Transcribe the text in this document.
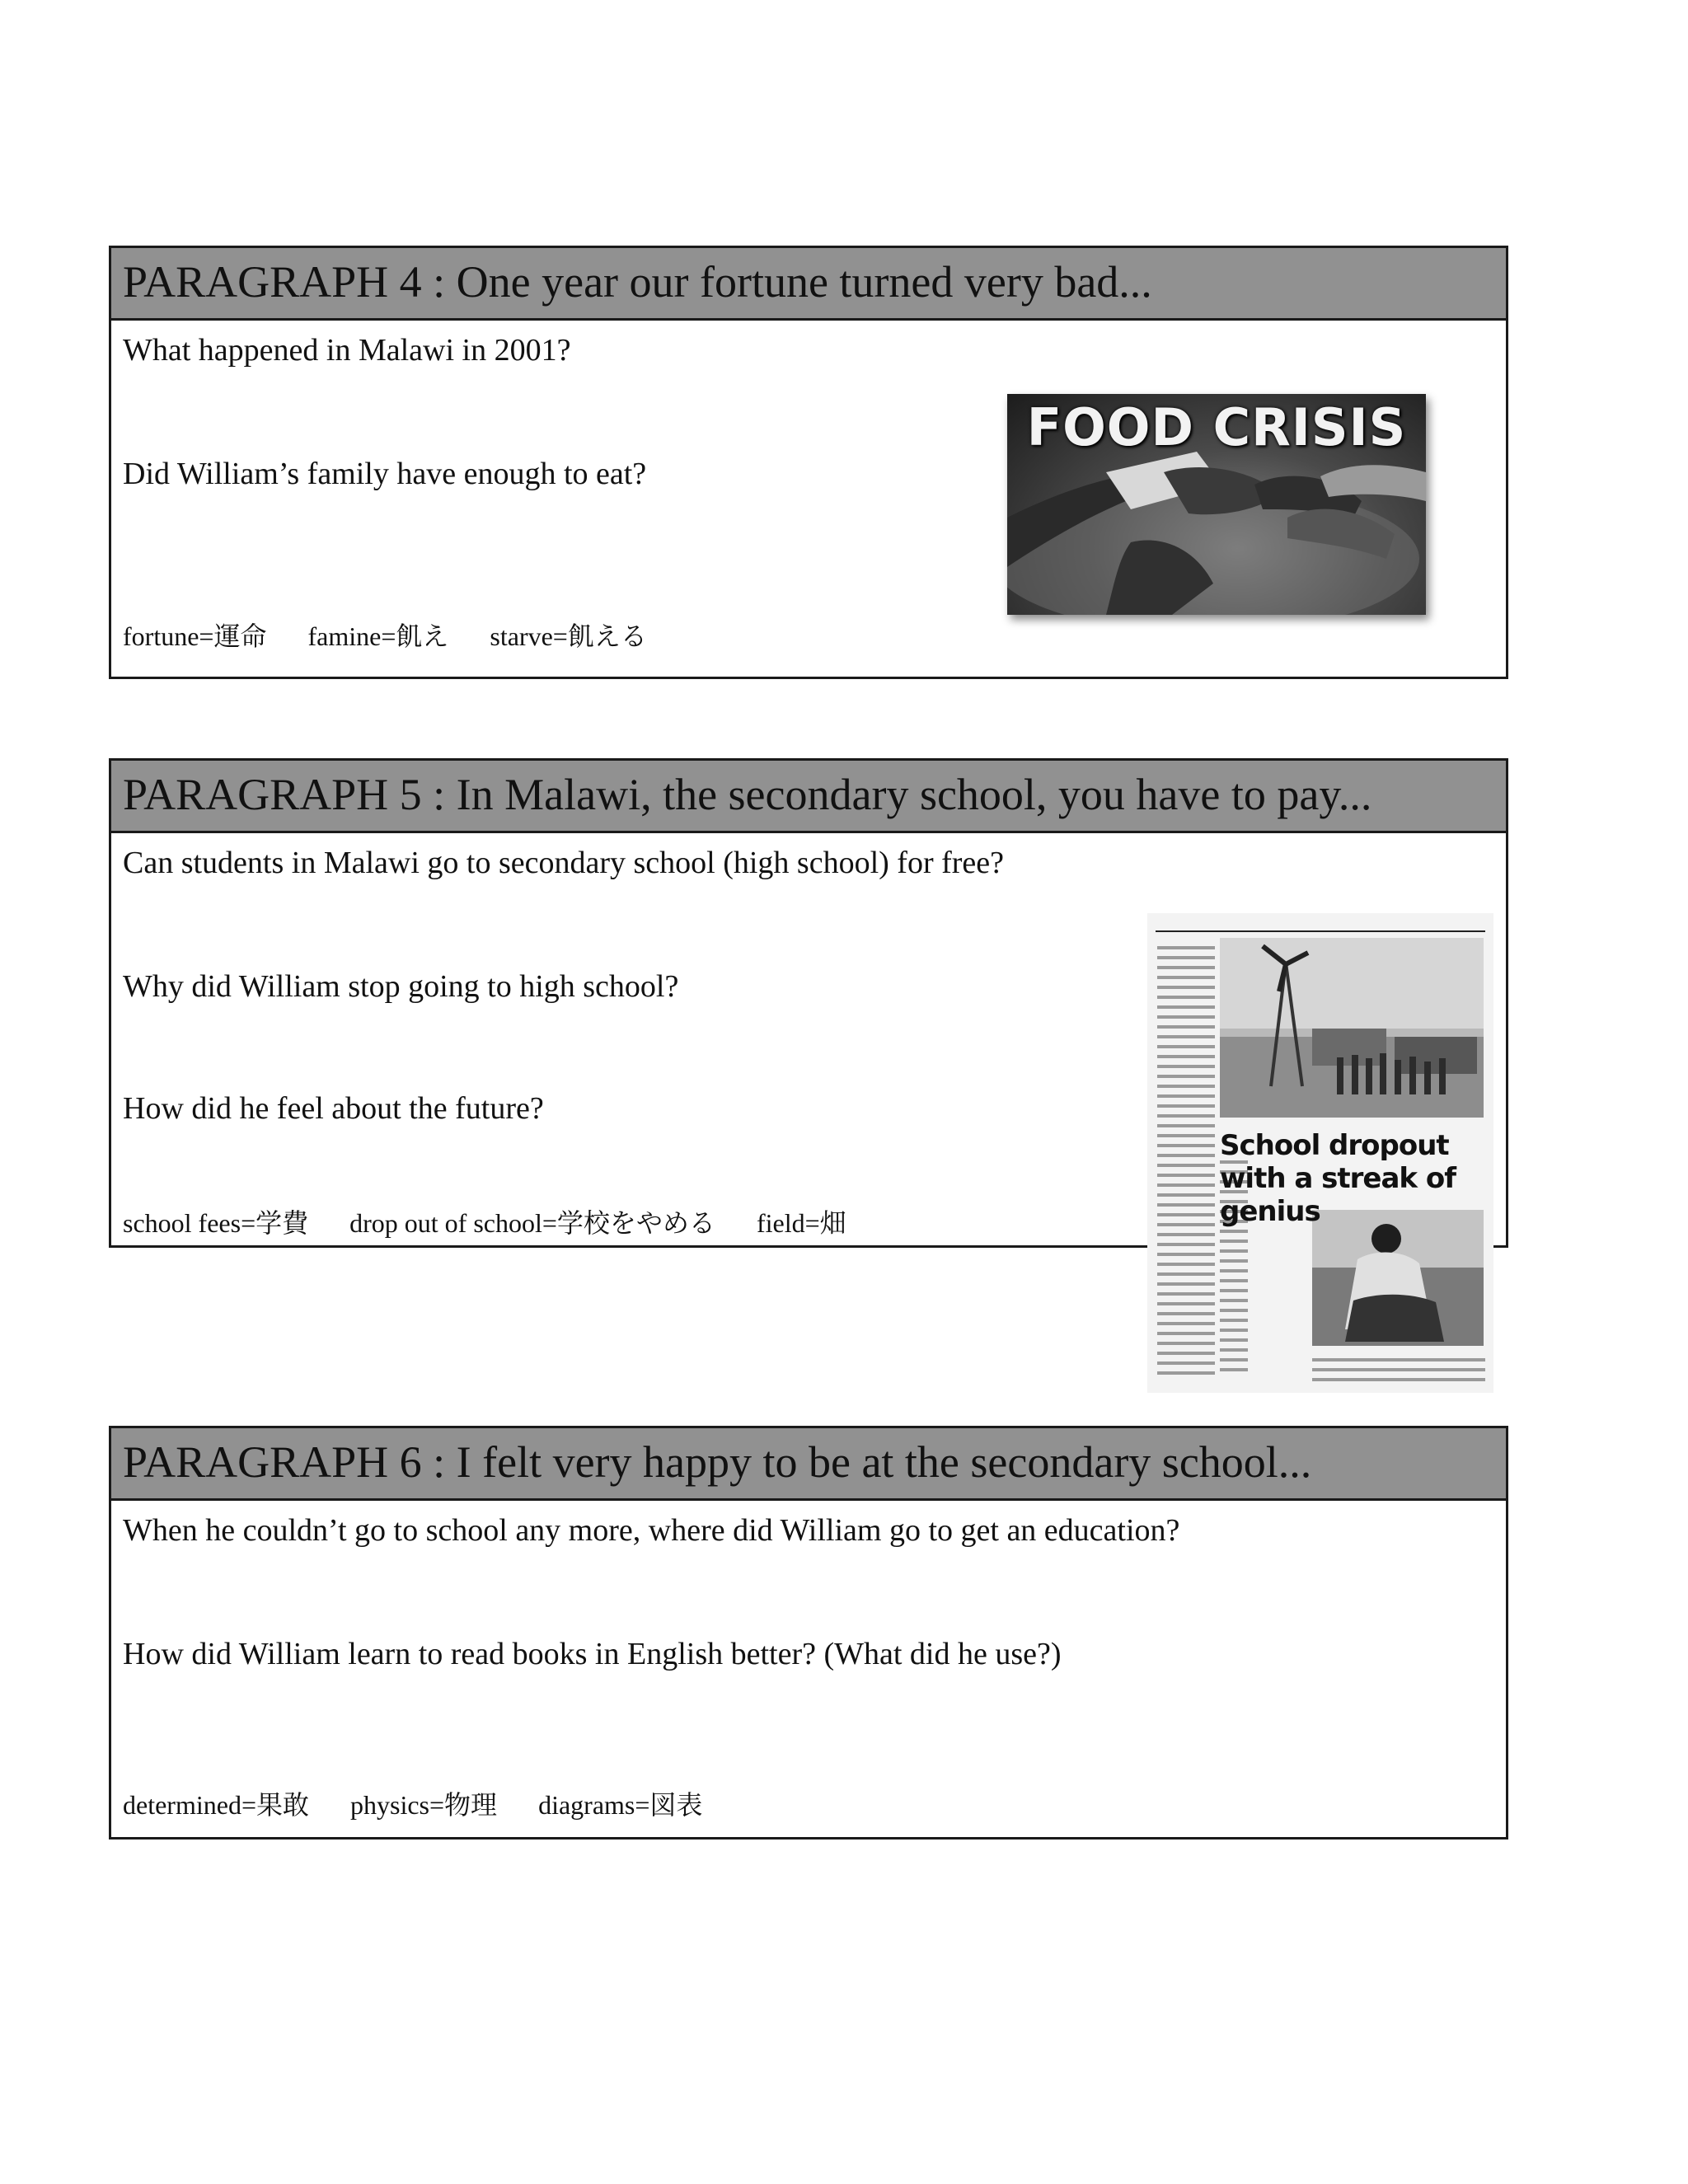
PARAGRAPH 4 : One year our fortune turned very bad...
What happened in Malawi in 2001?
Did William’s family have enough to eat?
fortune=運命 famine=飢え starve=飢える
FOOD CRISIS
PARAGRAPH 5 : In Malawi, the secondary school, you have to pay...
Can students in Malawi go to secondary school (high school) for free?
Why did William stop going to high school?
How did he feel about the future?
school fees=学費 drop out of school=学校をやめる field=畑
School dropout with a streak of genius
PARAGRAPH 6 : I felt very happy to be at the secondary school...
When he couldn’t go to school any more, where did William go to get an education?
How did William learn to read books in English better? (What did he use?)
determined=果敢 physics=物理 diagrams=図表
